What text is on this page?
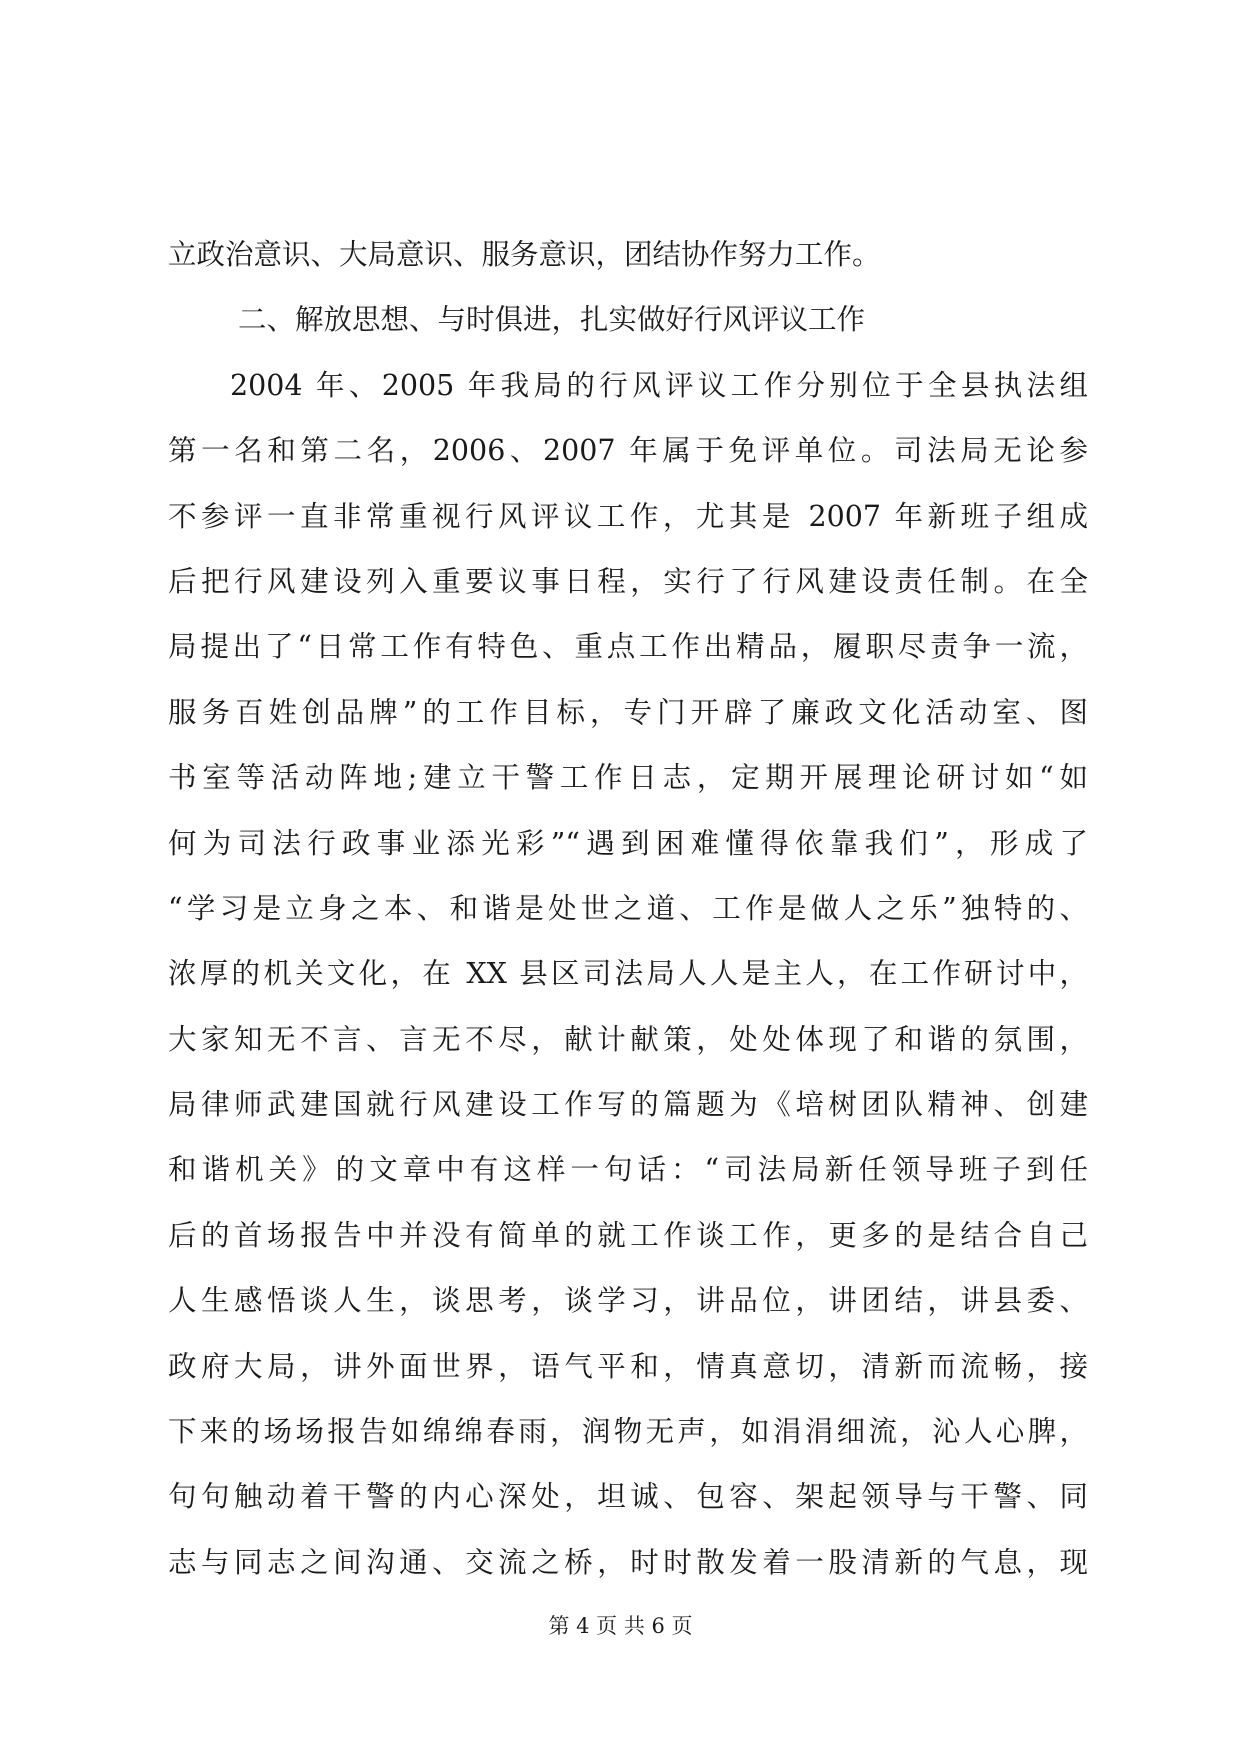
立政治意识、大局意识、服务意识，团结协作努力工作。
二、解放思想、与时俱进，扎实做好行风评议工作
2004 年、2005 年我局的行风评议工作分别位于全县执法组
第一名和第二名，2006、2007 年属于免评单位。司法局无论参
不参评一直非常重视行风评议工作，尤其是 2007 年新班子组成
后把行风建设列入重要议事日程，实行了行风建设责任制。在全
局提出了“日常工作有特色、重点工作出精品，履职尽责争一流，
服务百姓创品牌”的工作目标，专门开辟了廉政文化活动室、图
书室等活动阵地;建立干警工作日志，定期开展理论研讨如“如
何为司法行政事业添光彩”“遇到困难懂得依靠我们”，形成了
“学习是立身之本、和谐是处世之道、工作是做人之乐”独特的、
浓厚的机关文化，在 XX 县区司法局人人是主人，在工作研讨中，
大家知无不言、言无不尽，献计献策，处处体现了和谐的氛围，
局律师武建国就行风建设工作写的篇题为《培树团队精神、创建
和谐机关》的文章中有这样一句话：“司法局新任领导班子到任
后的首场报告中并没有简单的就工作谈工作，更多的是结合自己
人生感悟谈人生，谈思考，谈学习，讲品位，讲团结，讲县委、
政府大局，讲外面世界，语气平和，情真意切，清新而流畅，接
下来的场场报告如绵绵春雨，润物无声，如涓涓细流，沁人心脾，
句句触动着干警的内心深处，坦诚、包容、架起领导与干警、同
志与同志之间沟通、交流之桥，时时散发着一股清新的气息，现
第 4 页 共 6 页
